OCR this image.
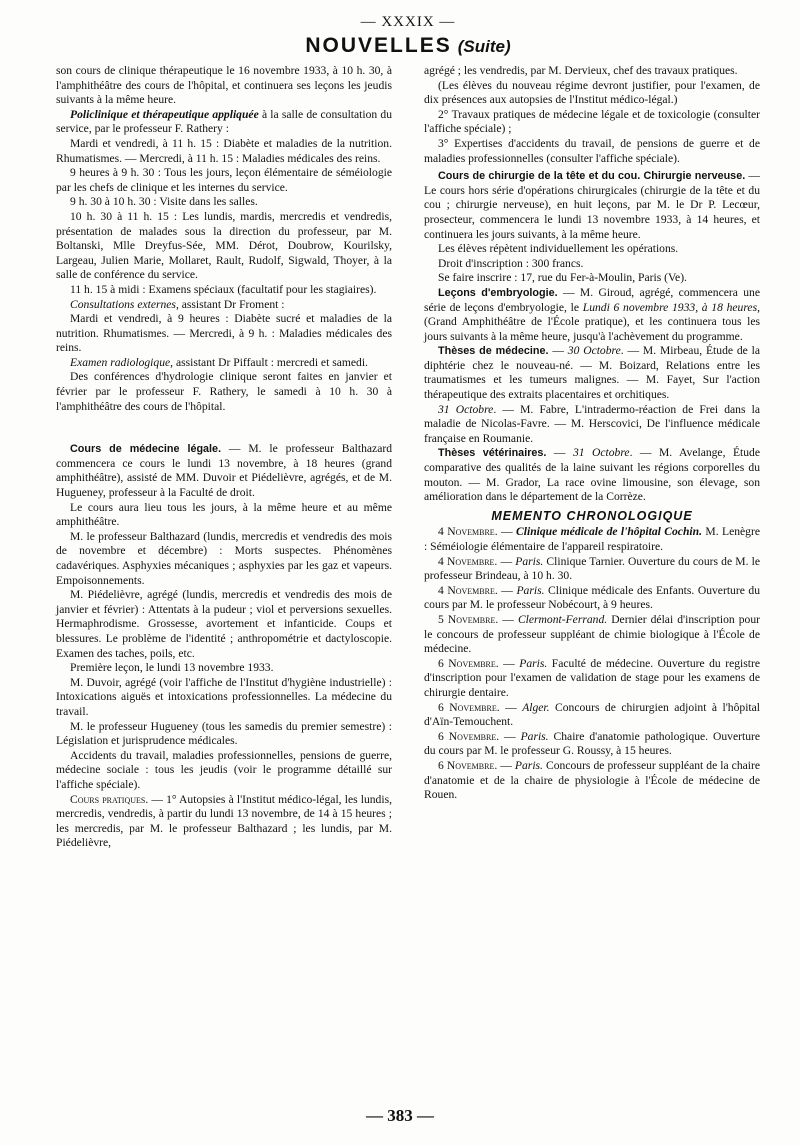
— XXXIX —
NOUVELLES (Suite)

son cours de clinique thérapeutique le 16 novembre 1933, à 10 h. 30, à l'amphithéâtre des cours de l'hôpital, et continuera ses leçons les jeudis suivants à la même heure.

Policlinique et thérapeutique appliquée à la salle de consultation du service, par le professeur F. Rathery :

Mardi et vendredi, à 11 h. 15 : Diabète et maladies de la nutrition. Rhumatismes. — Mercredi, à 11 h. 15 : Maladies médicales des reins.

9 heures à 9 h. 30 : Tous les jours, leçon élémentaire de séméiologie par les chefs de clinique et les internes du service.

9 h. 30 à 10 h. 30 : Visite dans les salles.

10 h. 30 à 11 h. 15 : Les lundis, mardis, mercredis et vendredis, présentation de malades sous la direction du professeur, par M. Boltanski, Mlle Dreyfus-Sée, MM. Dérot, Doubrow, Kourilsky, Largeau, Julien Marie, Mollaret, Rault, Rudolf, Sigwald, Thoyer, à la salle de conférence du service.

11 h. 15 à midi : Examens spéciaux (facultatif pour les stagiaires).

Consultations externes, assistant Dr Froment :

Mardi et vendredi, à 9 heures : Diabète sucré et maladies de la nutrition. Rhumatismes. — Mercredi, à 9 h. : Maladies médicales des reins.

Examen radiologique, assistant Dr Piffault : mercredi et samedi.

Des conférences d'hydrologie clinique seront faites en janvier et février par le professeur F. Rathery, le samedi à 10 h. 30 à l'amphithéâtre des cours de l'hôpital.

Cours de médecine légale. — M. le professeur Balthazard commencera ce cours le lundi 13 novembre, à 18 heures (grand amphithéâtre), assisté de MM. Duvoir et Piédelièvre, agrégés, et de M. Hugueney, professeur à la Faculté de droit.

Le cours aura lieu tous les jours, à la même heure et au même amphithéâtre.

M. le professeur Balthazard (lundis, mercredis et vendredis des mois de novembre et décembre) : Morts suspectes. Phénomènes cadavériques. Asphyxies mécaniques ; asphyxies par les gaz et vapeurs. Empoisonnements.

M. Piédelièvre, agrégé (lundis, mercredis et vendredis des mois de janvier et février) : Attentats à la pudeur ; viol et perversions sexuelles. Hermaphrodisme. Grossesse, avortement et infanticide. Coups et blessures. Le problème de l'identité ; anthropométrie et dactyloscopie. Examen des taches, poils, etc.

Première leçon, le lundi 13 novembre 1933.

M. Duvoir, agrégé (voir l'affiche de l'Institut d'hygiène industrielle) : Intoxications aiguës et intoxications professionnelles. La médecine du travail.

M. le professeur Hugueney (tous les samedis du premier semestre) : Législation et jurisprudence médicales.

Accidents du travail, maladies professionnelles, pensions de guerre, médecine sociale : tous les jeudis (voir le programme détaillé sur l'affiche spéciale).

Cours pratiques. — 1° Autopsies à l'Institut médico-légal, les lundis, mercredis, vendredis, à partir du lundi 13 novembre, de 14 à 15 heures ; les mercredis, par M. le professeur Balthazard ; les lundis, par M. Piédelièvre,

agrégé ; les vendredis, par M. Dervieux, chef des travaux pratiques.

(Les élèves du nouveau régime devront justifier, pour l'examen, de dix présences aux autopsies de l'Institut médico-légal.)

2° Travaux pratiques de médecine légale et de toxicologie (consulter l'affiche spéciale) ;

3° Expertises d'accidents du travail, de pensions de guerre et de maladies professionnelles (consulter l'affiche spéciale).

Cours de chirurgie de la tête et du cou. Chirurgie nerveuse. — Le cours hors série d'opérations chirurgicales (chirurgie de la tête et du cou ; chirurgie nerveuse), en huit leçons, par M. le Dr P. Lecœur, prosecteur, commencera le lundi 13 novembre 1933, à 14 heures, et continuera les jours suivants, à la même heure.

Les élèves répètent individuellement les opérations.

Droit d'inscription : 300 francs.

Se faire inscrire : 17, rue du Fer-à-Moulin, Paris (Ve).

Leçons d'embryologie. — M. Giroud, agrégé, commencera une série de leçons d'embryologie, le Lundi 6 novembre 1933, à 18 heures, (Grand Amphithéâtre de l'École pratique), et les continuera tous les jours suivants à la même heure, jusqu'à l'achèvement du programme.

Thèses de médecine. — 30 Octobre. — M. Mirbeau, Étude de la diphtérie chez le nouveau-né. — M. Boizard, Relations entre les traumatismes et les tumeurs malignes. — M. Fayet, Sur l'action thérapeutique des extraits placentaires et orchitiques.

31 Octobre. — M. Fabre, L'intradermo-réaction de Frei dans la maladie de Nicolas-Favre. — M. Herscovici, De l'influence médicale française en Roumanie.

Thèses vétérinaires. — 31 Octobre. — M. Avelange, Étude comparative des qualités de la laine suivant les régions corporelles du mouton. — M. Grador, La race ovine limousine, son élevage, son amélioration dans le département de la Corrèze.

MEMENTO CHRONOLOGIQUE

4 Novembre. — Clinique médicale de l'hôpital Cochin. M. Lenègre : Séméiologie élémentaire de l'appareil respiratoire.

4 Novembre. — Paris. Clinique Tarnier. Ouverture du cours de M. le professeur Brindeau, à 10 h. 30.

4 Novembre. — Paris. Clinique médicale des Enfants. Ouverture du cours par M. le professeur Nobécourt, à 9 heures.

5 Novembre. — Clermont-Ferrand. Dernier délai d'inscription pour le concours de professeur suppléant de chimie biologique à l'École de médecine.

6 Novembre. — Paris. Faculté de médecine. Ouverture du registre d'inscription pour l'examen de validation de stage pour les examens de chirurgie dentaire.

6 Novembre. — Alger. Concours de chirurgien adjoint à l'hôpital d'Aïn-Temouchent.

6 Novembre. — Paris. Chaire d'anatomie pathologique. Ouverture du cours par M. le professeur G. Roussy, à 15 heures.

6 Novembre. — Paris. Concours de professeur suppléant de la chaire d'anatomie et de la chaire de physiologie à l'École de médecine de Rouen.

— 383 —
